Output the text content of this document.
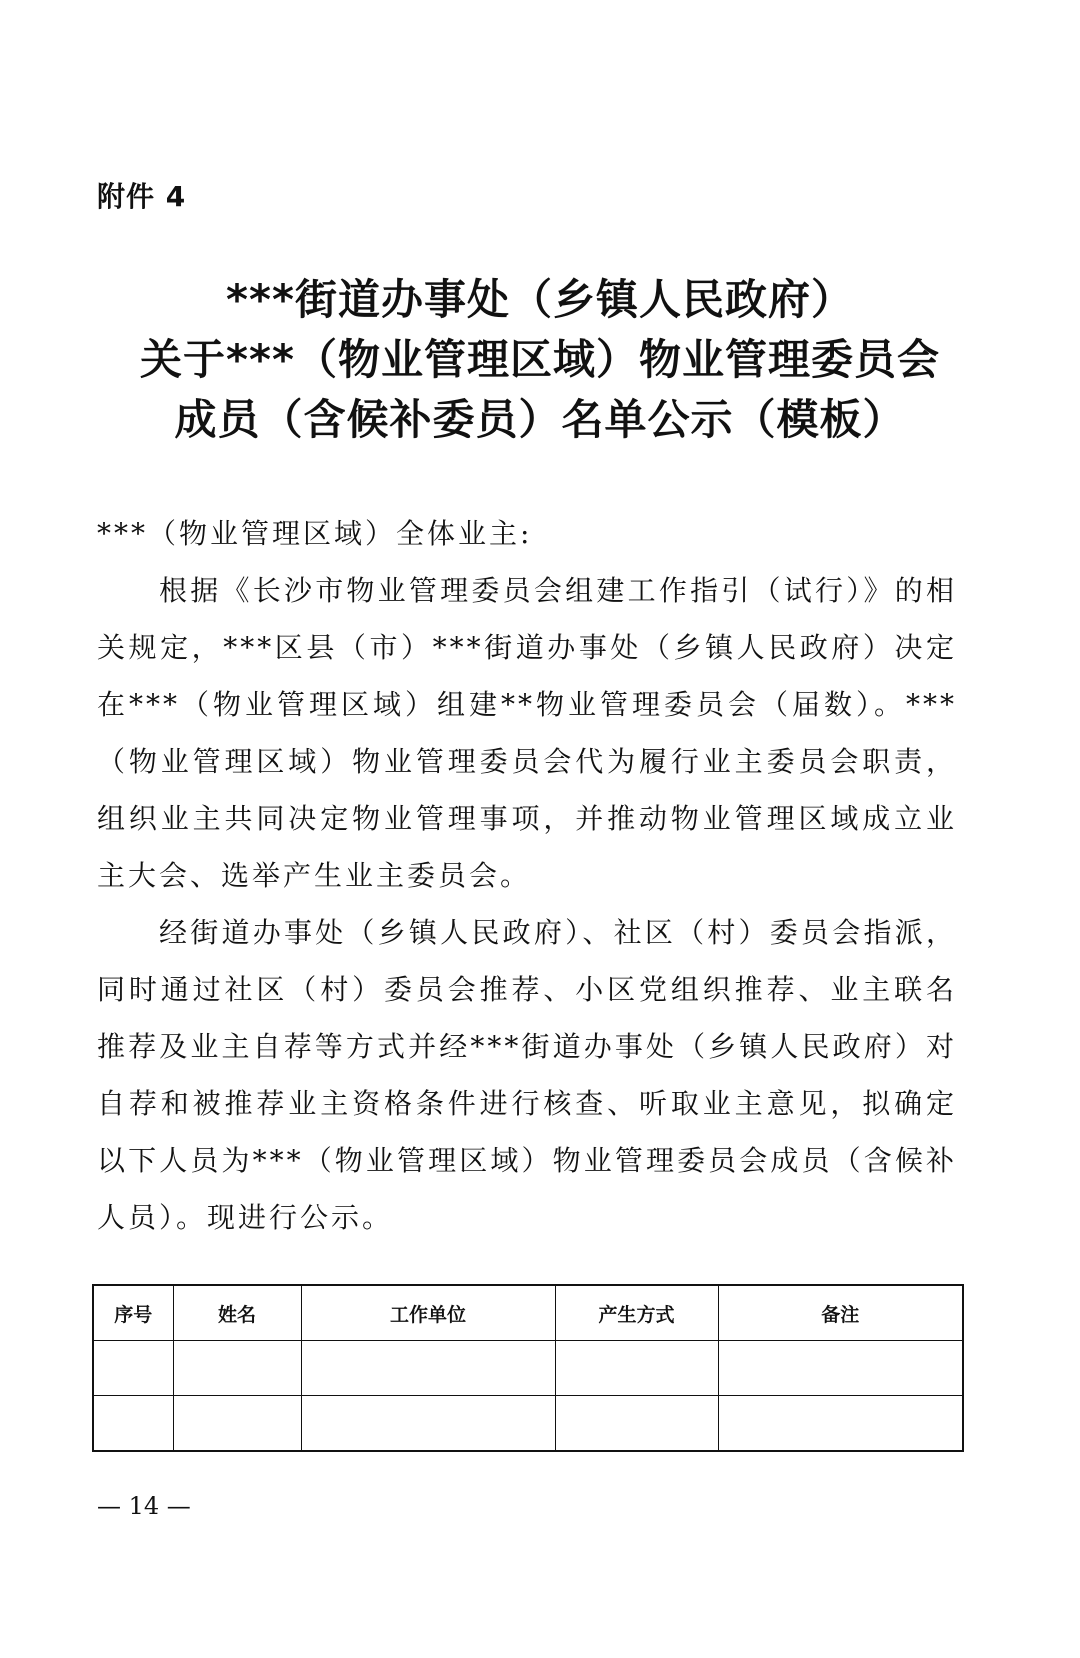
附件 4
***街道办事处（乡镇人民政府）
关于***（物业管理区域）物业管理委员会
成员（含候补委员）名单公示（模板）

***（物业管理区域）全体业主:

根据《长沙市物业管理委员会组建工作指引（试行）》的相关规定，***区县（市）***街道办事处（乡镇人民政府）决定在***（物业管理区域）组建**物业管理委员会（届数）。***（物业管理区域）物业管理委员会代为履行业主委员会职责，组织业主共同决定物业管理事项，并推动物业管理区域成立业主大会、选举产生业主委员会。

经街道办事处（乡镇人民政府）、社区（村）委员会指派，同时通过社区（村）委员会推荐、小区党组织推荐、业主联名推荐及业主自荐等方式并经***街道办事处（乡镇人民政府）对自荐和被推荐业主资格条件进行核查、听取业主意见，拟确定以下人员为***（物业管理区域）物业管理委员会成员（含候补人员）。现进行公示。

序号	姓名	工作单位	产生方式	备注

— 14 —
